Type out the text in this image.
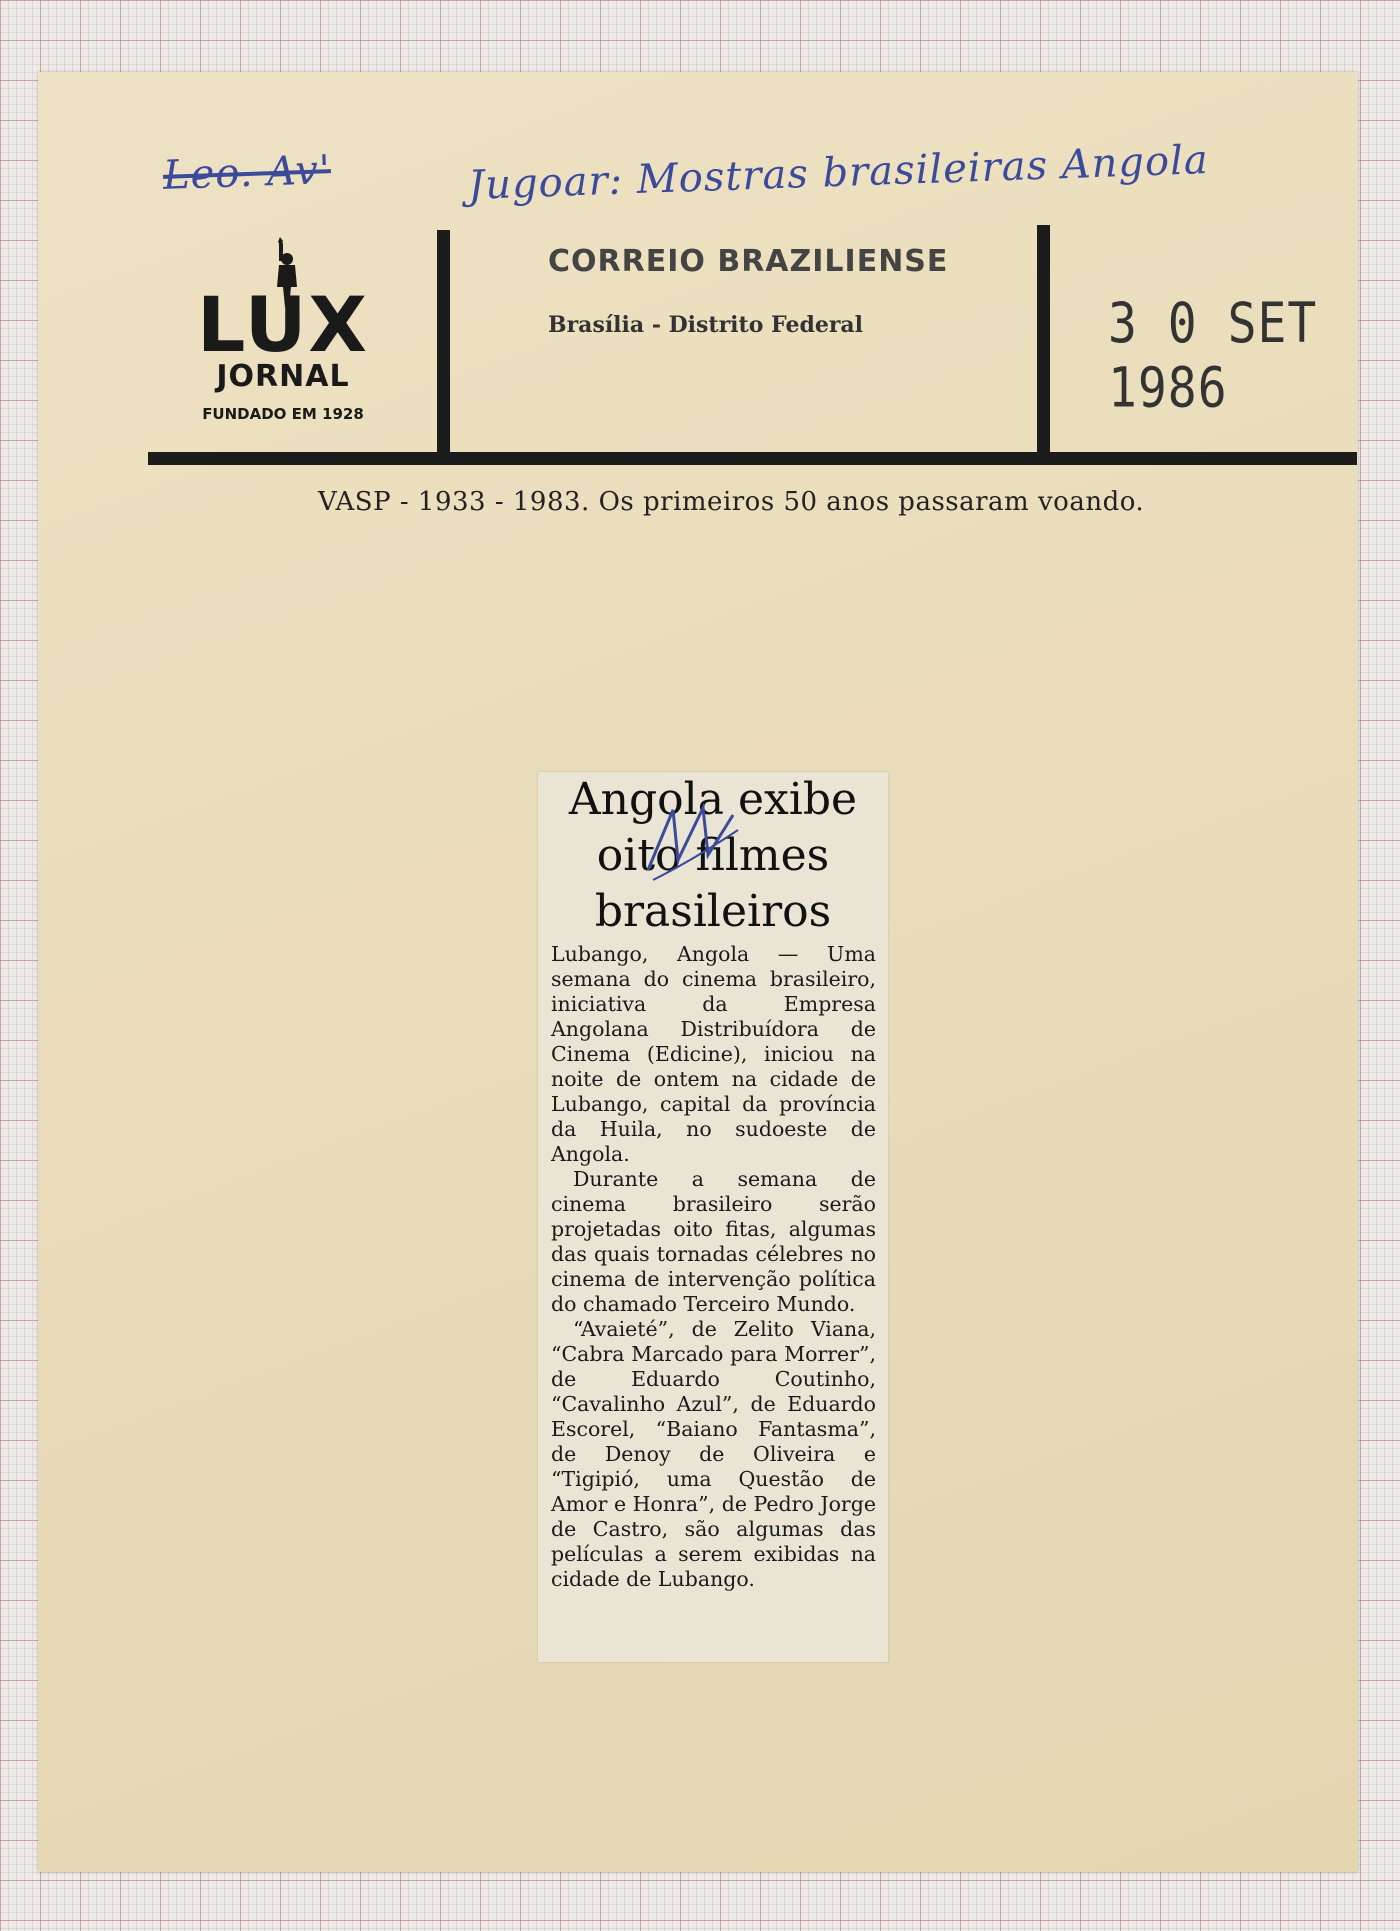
Leo. Av'	Jugoar: Mostras brasileiras Angola
LUX
JORNAL
FUNDADO EM 1928
CORREIO BRAZILIENSE
Brasília - Distrito Federal	3 0 SET 1986
VASP - 1933 - 1983. Os primeiros 50 anos passaram voando.
Angola exibe
oito filmes
brasileiros

Lubango, Angola — Uma semana do cinema brasileiro, iniciativa da Empresa Angolana Distribuídora de Cinema (Edicine), iniciou na noite de ontem na cidade de Lubango, capital da província da Huila, no sudoeste de Angola.

Durante a semana de cinema brasileiro serão projetadas oito fitas, algumas das quais tornadas célebres no cinema de intervenção política do chamado Terceiro Mundo.

“Avaieté”, de Zelito Viana, “Cabra Marcado para Morrer”, de Eduardo Coutinho, “Cavalinho Azul”, de Eduardo Escorel, “Baiano Fantasma”, de Denoy de Oliveira e “Tigipió, uma Questão de Amor e Honra”, de Pedro Jorge de Castro, são algumas das películas a serem exibidas na cidade de Lubango.
